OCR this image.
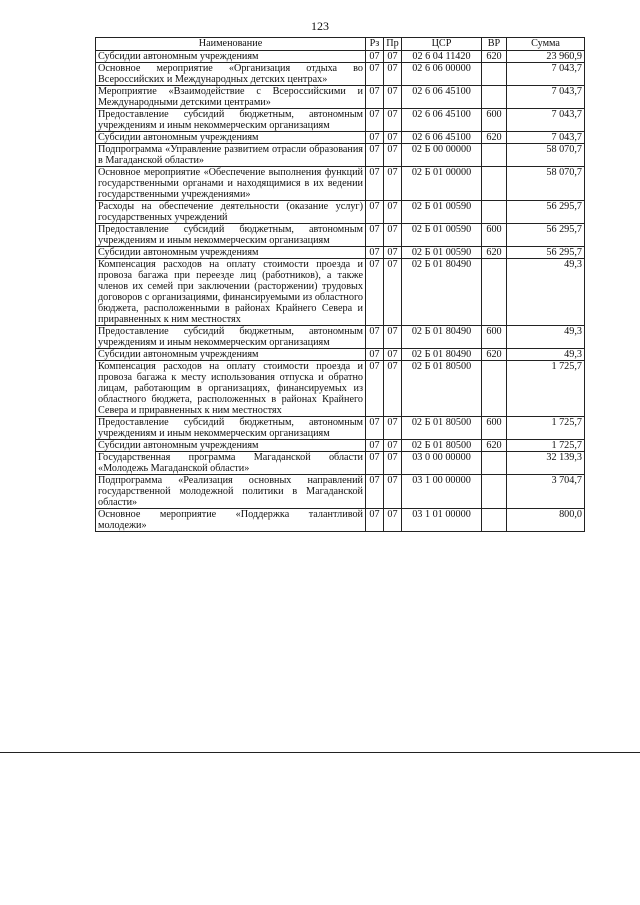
123
Наименование	Рз	Пр	ЦСР	ВР	Сумма
Субсидии автономным учреждениям	07	07	02 6 04 11420	620	23 960,9
Основное мероприятие «Организация отдыха во Всероссийских и Международных детских центрах»	07	07	02 6 06 00000		7 043,7
Мероприятие «Взаимодействие с Всероссийскими и Международными детскими центрами»	07	07	02 6 06 45100		7 043,7
Предоставление субсидий бюджетным, автономным учреждениям и иным некоммерческим организациям	07	07	02 6 06 45100	600	7 043,7
Субсидии автономным учреждениям	07	07	02 6 06 45100	620	7 043,7
Подпрограмма «Управление развитием отрасли образования в Магаданской области»	07	07	02 Б 00 00000		58 070,7
Основное мероприятие «Обеспечение выполнения функций государственными органами и находящимися в их ведении государственными учреждениями»	07	07	02 Б 01 00000		58 070,7
Расходы на обеспечение деятельности (оказание услуг) государственных учреждений	07	07	02 Б 01 00590		56 295,7
Предоставление субсидий бюджетным, автономным учреждениям и иным некоммерческим организациям	07	07	02 Б 01 00590	600	56 295,7
Субсидии автономным учреждениям	07	07	02 Б 01 00590	620	56 295,7
Компенсация расходов на оплату стоимости проезда и провоза багажа при переезде лиц (работников), а также членов их семей при заключении (расторжении) трудовых договоров с организациями, финансируемыми из областного бюджета, расположенными в районах Крайнего Севера и приравненных к ним местностях	07	07	02 Б 01 80490		49,3
Предоставление субсидий бюджетным, автономным учреждениям и иным некоммерческим организациям	07	07	02 Б 01 80490	600	49,3
Субсидии автономным учреждениям	07	07	02 Б 01 80490	620	49,3
Компенсация расходов на оплату стоимости проезда и провоза багажа к месту использования отпуска и обратно лицам, работающим в организациях, финансируемых из областного бюджета, расположенных в районах Крайнего Севера и приравненных к ним местностях	07	07	02 Б 01 80500		1 725,7
Предоставление субсидий бюджетным, автономным учреждениям и иным некоммерческим организациям	07	07	02 Б 01 80500	600	1 725,7
Субсидии автономным учреждениям	07	07	02 Б 01 80500	620	1 725,7
Государственная программа Магаданской области «Молодежь Магаданской области»	07	07	03 0 00 00000		32 139,3
Подпрограмма «Реализация основных направлений государственной молодежной политики в Магаданской области»	07	07	03 1 00 00000		3 704,7
Основное мероприятие «Поддержка талантливой молодежи»	07	07	03 1 01 00000		800,0
